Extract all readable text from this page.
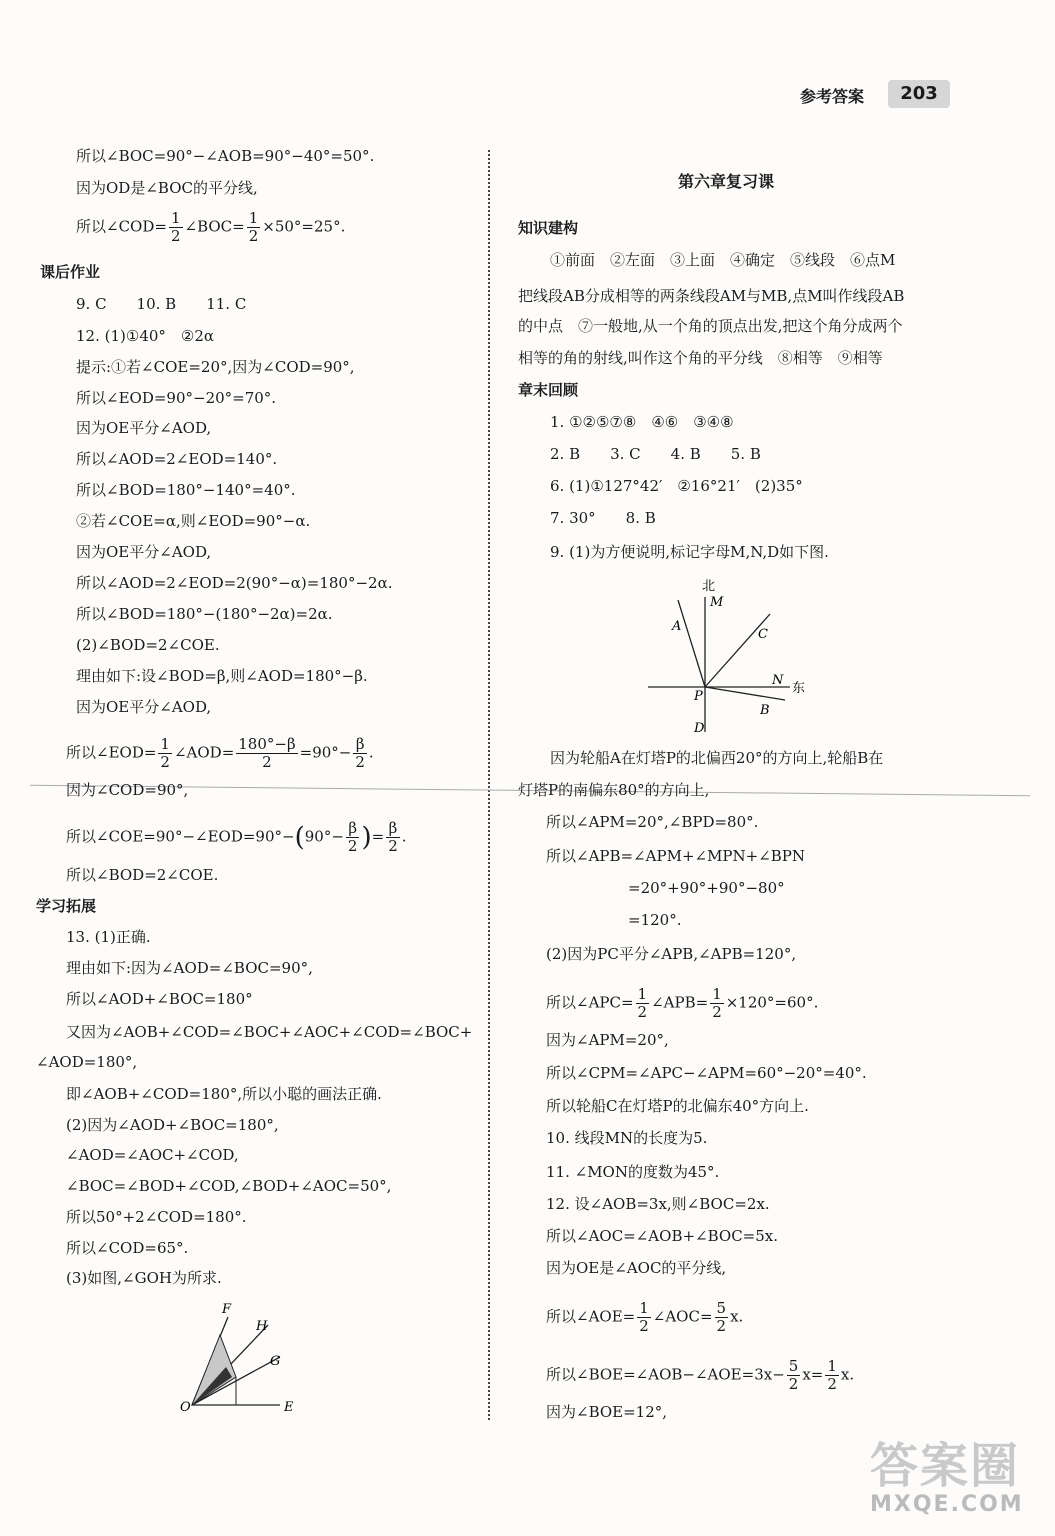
参考答案	203
所以∠BOC=90°−∠AOB=90°−40°=50°.
因为OD是∠BOC的平分线,
所以∠COD= $\frac{1}{2}$ ∠BOC= $\frac{1}{2} \times 50^\circ=25^\circ$.
课后作业
9. C　　10. B　　11. C
12. (1)①40°　②2α
提示:①若∠COE=20°,因为∠COD=90°,
所以∠EOD=90°−20°=70°.
因为OE平分∠AOD,
所以∠AOD=2∠EOD=140°.
所以∠BOD=180°−140°=40°.
②若∠COE=α,则∠EOD=90°−α.
因为OE平分∠AOD,
所以∠AOD=2∠EOD=2(90°−α)=180°−2α.
所以∠BOD=180°−(180°−2α)=2α.
(2)∠BOD=2∠COE.
理由如下:设∠BOD=β,则∠AOD=180°−β.
因为OE平分∠AOD,
所以∠EOD= $\frac{1}{2}$ ∠AOD= $\frac{180^\circ-\beta}{2} =90^\circ- \frac{\beta}{2}$ .
因为∠COD=90°,
所以∠COE=90°−∠EOD=90°−(90°− $\frac{\beta}{2}$ )= $\frac{\beta}{2}$ .
所以∠BOD=2∠COE.
学习拓展
13. (1)正确.
理由如下:因为∠AOD=∠BOC=90°,
所以∠AOD+∠BOC=180°
又因为∠AOB+∠COD=∠BOC+∠AOC+∠COD=∠BOC+
∠AOD=180°,
即∠AOB+∠COD=180°,所以小聪的画法正确.
(2)因为∠AOD+∠BOC=180°,
∠AOD=∠AOC+∠COD,
∠BOC=∠BOD+∠COD,∠BOD+∠AOC=50°,
所以50°+2∠COD=180°.
所以∠COD=65°.
(3)如图,∠GOH为所求.
F
H
G
O	E
第六章复习课
知识建构
①前面　②左面　③上面　④确定　⑤线段　⑥点M
把线段AB分成相等的两条线段AM与MB,点M叫作线段AB
的中点　⑦一般地,从一个角的顶点出发,把这个角分成两个
相等的角的射线,叫作这个角的平分线　⑧相等　⑨相等
章末回顾
1. ①②⑤⑦⑧　④⑥　③④⑧
2. B　　3. C　　4. B　　5. B
6. (1)①127°42′　②16°21′　(2)35°
7. 30°　　8. B
9. (1)为方便说明,标记字母M,N,D如下图.
北
M
A
C
N
东
P
B
D
因为轮船A在灯塔P的北偏西20°的方向上,轮船B在
灯塔P的南偏东80°的方向上,
所以∠APM=20°,∠BPD=80°.
所以∠APB=∠APM+∠MPN+∠BPN
=20°+90°+90°−80°
=120°.
(2)因为PC平分∠APB,∠APB=120°,
所以∠APC= $\frac{1}{2}$ ∠APB= $\frac{1}{2} \times 120^\circ=60^\circ$.
因为∠APM=20°,
所以∠CPM=∠APC−∠APM=60°−20°=40°.
所以轮船C在灯塔P的北偏东40°方向上.
10. 线段MN的长度为5.
11. ∠MON的度数为45°.
12. 设∠AOB=3x,则∠BOC=2x.
所以∠AOC=∠AOB+∠BOC=5x.
因为OE是∠AOC的平分线,
所以∠AOE= $\frac{1}{2}$ ∠AOC= $\frac{5}{2} x$.
所以∠BOE=∠AOB−∠AOE=3x− $\frac{5}{2} x= \frac{1}{2} x$.
因为∠BOE=12°,
答案圈
MXQE.COM
